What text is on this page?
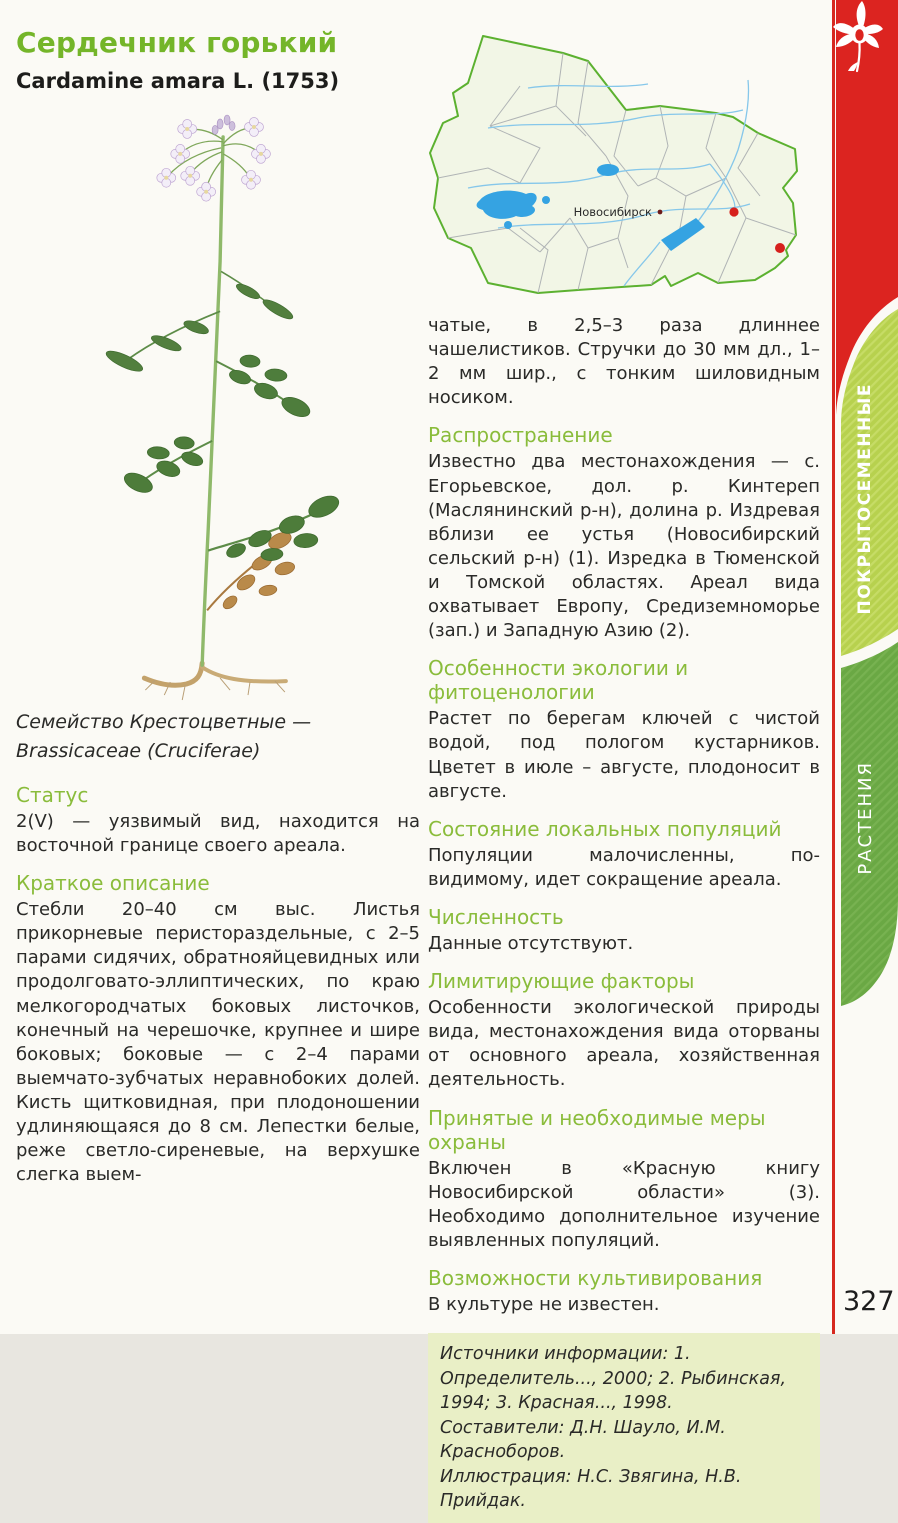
Сердечник горький
Cardamine amara L. (1753)
Новосибирск
Семейство Крестоцветные —
Brassicaceae (Cruciferae)
Статус

2(V) — уязвимый вид, находится на восточной границе своего ареала.

Краткое описание

Стебли 20–40 см выс. Листья прикорневые перистораздельные, с 2–5 парами сидячих, обратнояйцевидных или продолговато-эллиптических, по краю мелкогородчатых боковых листочков, конечный на черешочке, крупнее и шире боковых; боковые — с 2–4 парами выемчато-зубчатых неравнобоких долей. Кисть щитковидная, при плодоношении удлиняющаяся до 8 см. Лепестки белые, реже светло-сиреневые, на верхушке слегка выем-

чатые, в 2,5–3 раза длиннее чашелистиков. Стручки до 30 мм дл., 1–2 мм шир., с тонким шиловидным носиком.

Распространение

Известно два местонахождения — с. Егорьевское, дол. р. Кинтереп (Маслянинский р-н), долина р. Издревая вблизи ее устья (Новосибирский сельский р-н) (1). Изредка в Тюменской и Томской областях. Ареал вида охватывает Европу, Средиземноморье (зап.) и Западную Азию (2).

Особенности экологии и фитоценологии

Растет по берегам ключей с чистой водой, под пологом кустарников. Цветет в июле – августе, плодоносит в августе.

Состояние локальных популяций

Популяции малочисленны, по-видимому, идет сокращение ареала.

Численность

Данные отсутствуют.

Лимитирующие факторы

Особенности экологической природы вида, местонахождения вида оторваны от основного ареала, хозяйственная деятельность.

Принятые и необходимые меры охраны

Включен в «Красную книгу Новосибирской области» (3). Необходимо дополнительное изучение выявленных популяций.

Возможности культивирования

В культуре не известен.

Источники информации: 1. Определитель..., 2000; 2. Рыбинская, 1994; 3. Красная..., 1998.
Составители: Д.Н. Шауло, И.М. Красноборов.
Иллюстрация: Н.С. Звягина, Н.В. Прийдак.
ПОКРЫТОСЕМЕННЫЕ
РАСТЕНИЯ
327
